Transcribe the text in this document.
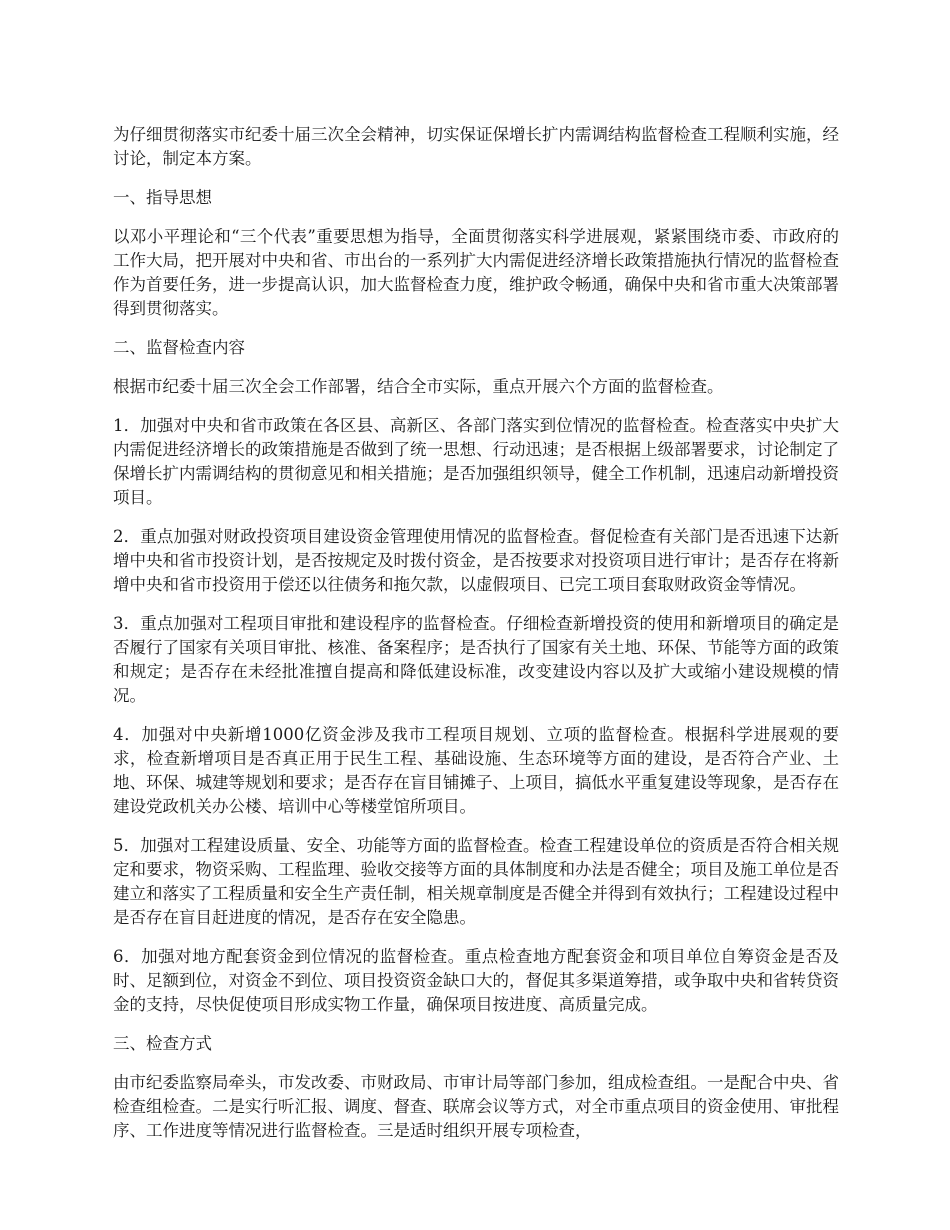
为仔细贯彻落实市纪委十届三次全会精神，切实保证保增长扩内需调结构监督检查工程顺利实施，经讨论，制定本方案。

一、指导思想

以邓小平理论和“三个代表”重要思想为指导，全面贯彻落实科学进展观，紧紧围绕市委、市政府的工作大局，把开展对中央和省、市出台的一系列扩大内需促进经济增长政策措施执行情况的监督检查作为首要任务，进一步提高认识，加大监督检查力度，维护政令畅通，确保中央和省市重大决策部署得到贯彻落实。

二、监督检查内容

根据市纪委十届三次全会工作部署，结合全市实际，重点开展六个方面的监督检查。

1．加强对中央和省市政策在各区县、高新区、各部门落实到位情况的监督检查。检查落实中央扩大内需促进经济增长的政策措施是否做到了统一思想、行动迅速；是否根据上级部署要求，讨论制定了保增长扩内需调结构的贯彻意见和相关措施；是否加强组织领导，健全工作机制，迅速启动新增投资项目。

2．重点加强对财政投资项目建设资金管理使用情况的监督检查。督促检查有关部门是否迅速下达新增中央和省市投资计划，是否按规定及时拨付资金，是否按要求对投资项目进行审计；是否存在将新增中央和省市投资用于偿还以往债务和拖欠款，以虚假项目、已完工项目套取财政资金等情况。

3．重点加强对工程项目审批和建设程序的监督检查。仔细检查新增投资的使用和新增项目的确定是否履行了国家有关项目审批、核准、备案程序；是否执行了国家有关土地、环保、节能等方面的政策和规定；是否存在未经批准擅自提高和降低建设标准，改变建设内容以及扩大或缩小建设规模的情况。

4．加强对中央新增1000亿资金涉及我市工程项目规划、立项的监督检查。根据科学进展观的要求，检查新增项目是否真正用于民生工程、基础设施、生态环境等方面的建设，是否符合产业、土地、环保、城建等规划和要求；是否存在盲目铺摊子、上项目，搞低水平重复建设等现象，是否存在建设党政机关办公楼、培训中心等楼堂馆所项目。

5．加强对工程建设质量、安全、功能等方面的监督检查。检查工程建设单位的资质是否符合相关规定和要求，物资采购、工程监理、验收交接等方面的具体制度和办法是否健全；项目及施工单位是否建立和落实了工程质量和安全生产责任制，相关规章制度是否健全并得到有效执行；工程建设过程中是否存在盲目赶进度的情况，是否存在安全隐患。

6．加强对地方配套资金到位情况的监督检查。重点检查地方配套资金和项目单位自筹资金是否及时、足额到位，对资金不到位、项目投资资金缺口大的，督促其多渠道筹措，或争取中央和省转贷资金的支持，尽快促使项目形成实物工作量，确保项目按进度、高质量完成。

三、检查方式

由市纪委监察局牵头，市发改委、市财政局、市审计局等部门参加，组成检查组。一是配合中央、省检查组检查。二是实行听汇报、调度、督查、联席会议等方式，对全市重点项目的资金使用、审批程序、工作进度等情况进行监督检查。三是适时组织开展专项检查，
